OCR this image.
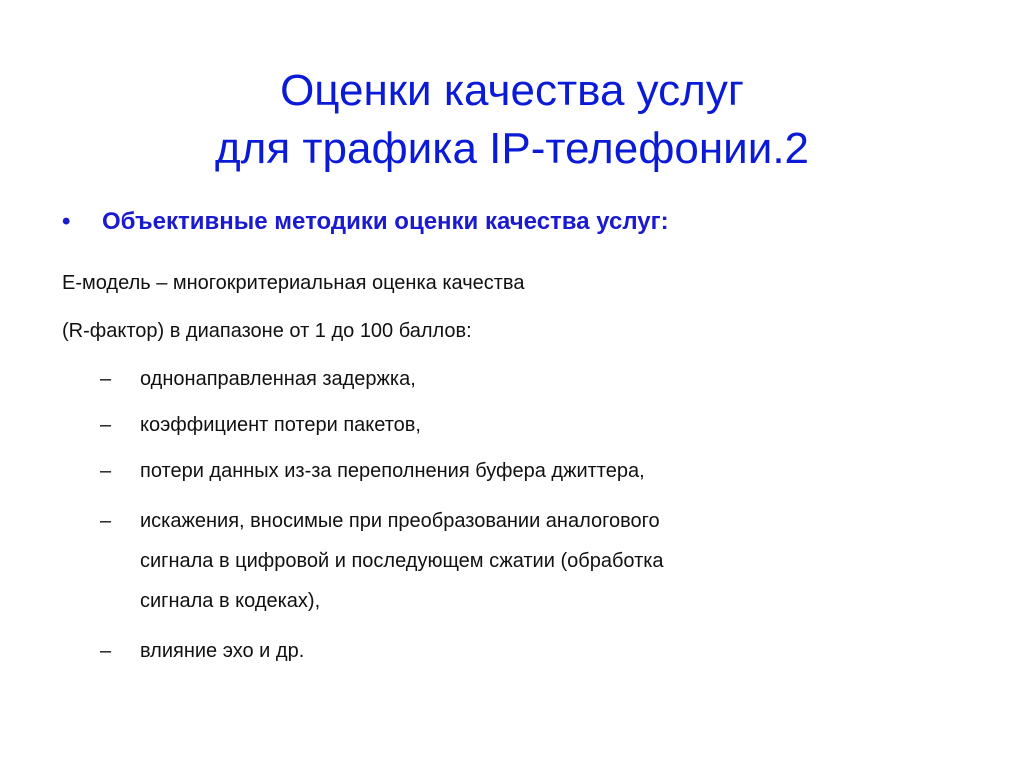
Оценки качества услуг
для трафика IP-телефонии.2
• Объективные методики оценки качества услуг:
Е-модель – многокритериальная оценка качества
(R-фактор) в диапазоне от 1 до 100 баллов:
–	однонаправленная задержка,
–	коэффициент потери пакетов,
–	потери данных из-за переполнения буфера джиттера,
–	искажения, вносимые при преобразовании аналогового
сигнала в цифровой и последующем сжатии (обработка
сигнала в кодеках),
–	влияние эхо и др.
